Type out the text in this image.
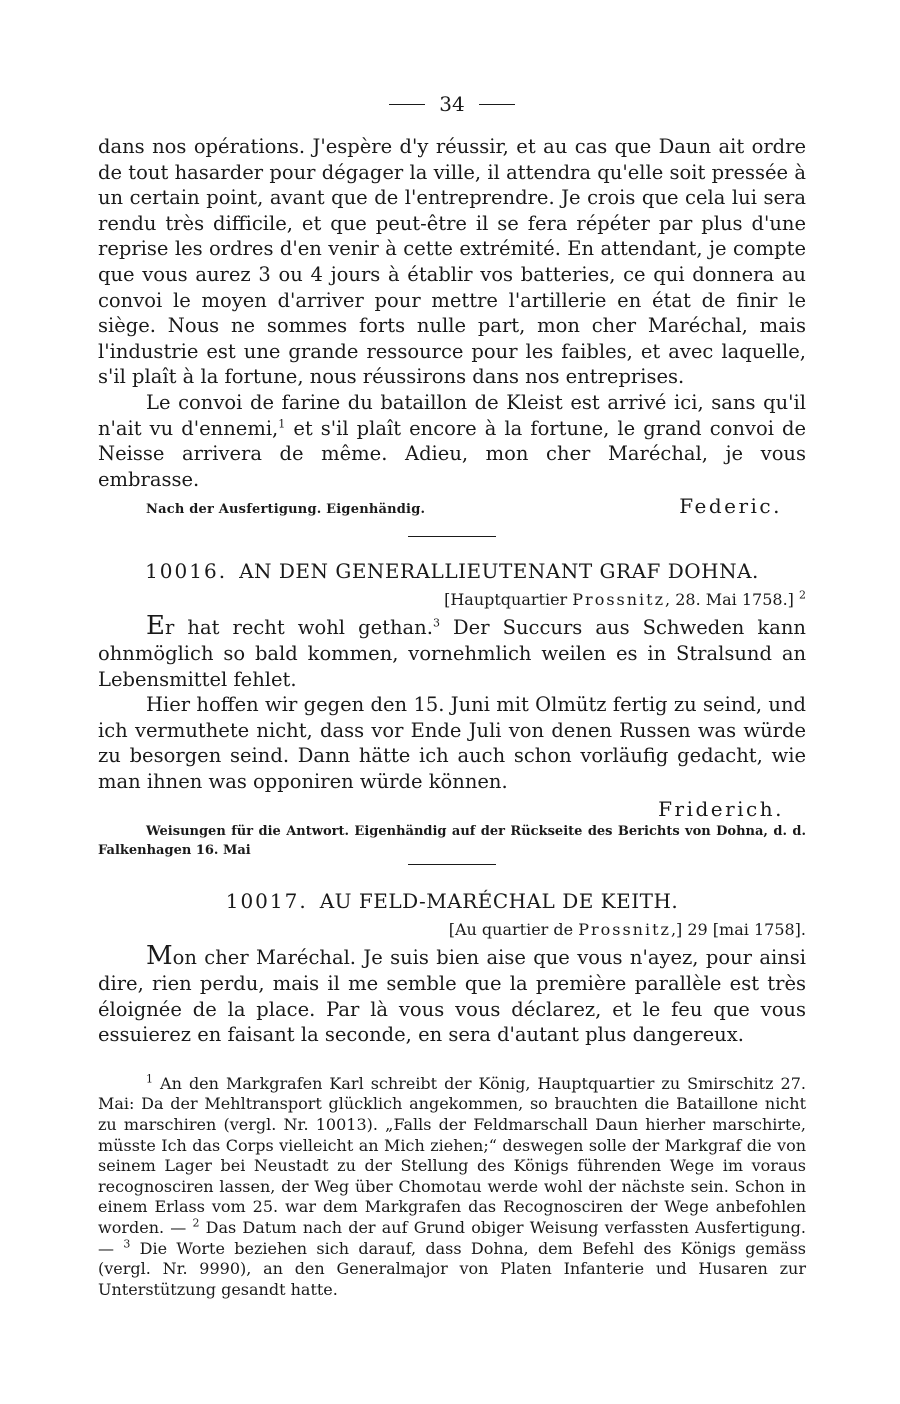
34

dans nos opérations. J'espère d'y réussir, et au cas que Daun ait ordre de tout hasarder pour dégager la ville, il attendra qu'elle soit pressée à un certain point, avant que de l'entreprendre. Je crois que cela lui sera rendu très difficile, et que peut-être il se fera répéter par plus d'une reprise les ordres d'en venir à cette extrémité. En attendant, je compte que vous aurez 3 ou 4 jours à établir vos batteries, ce qui donnera au convoi le moyen d'arriver pour mettre l'artillerie en état de finir le siège. Nous ne sommes forts nulle part, mon cher Maréchal, mais l'industrie est une grande ressource pour les faibles, et avec laquelle, s'il plaît à la fortune, nous réussirons dans nos entreprises.

Le convoi de farine du bataillon de Kleist est arrivé ici, sans qu'il n'ait vu d'ennemi,$^1$ et s'il plaît encore à la fortune, le grand convoi de Neisse arrivera de même. Adieu, mon cher Maréchal, je vous embrasse.

Nach der Ausfertigung. Eigenhändig.	Federic.

10016. AN DEN GENERALLIEUTENANT GRAF DOHNA.

[Hauptquartier Prossnitz, 28. Mai 1758.] $^2$

Er hat recht wohl gethan.$^3$ Der Succurs aus Schweden kann ohnmöglich so bald kommen, vornehmlich weilen es in Stralsund an Lebensmittel fehlet.

Hier hoffen wir gegen den 15. Juni mit Olmütz fertig zu seind, und ich vermuthete nicht, dass vor Ende Juli von denen Russen was würde zu besorgen seind. Dann hätte ich auch schon vorläufig gedacht, wie man ihnen was opponiren würde können.

Friderich.

Weisungen für die Antwort. Eigenhändig auf der Rückseite des Berichts von Dohna, d. d. Falkenhagen 16. Mai

10017. AU FELD-MARÉCHAL DE KEITH.

[Au quartier de Prossnitz,] 29 [mai 1758].

Mon cher Maréchal. Je suis bien aise que vous n'ayez, pour ainsi dire, rien perdu, mais il me semble que la première parallèle est très éloignée de la place. Par là vous vous déclarez, et le feu que vous essuierez en faisant la seconde, en sera d'autant plus dangereux.

$^1$ An den Markgrafen Karl schreibt der König, Hauptquartier zu Smirschitz 27. Mai: Da der Mehltransport glücklich angekommen, so brauchten die Bataillone nicht zu marschiren (vergl. Nr. 10013). „Falls der Feldmarschall Daun hierher marschirte, müsste Ich das Corps vielleicht an Mich ziehen;“ deswegen solle der Markgraf die von seinem Lager bei Neustadt zu der Stellung des Königs führenden Wege im voraus recognosciren lassen, der Weg über Chomotau werde wohl der nächste sein. Schon in einem Erlass vom 25. war dem Markgrafen das Recognosciren der Wege anbefohlen worden. — $^2$ Das Datum nach der auf Grund obiger Weisung verfassten Ausfertigung. — $^3$ Die Worte beziehen sich darauf, dass Dohna, dem Befehl des Königs gemäss (vergl. Nr. 9990), an den Generalmajor von Platen Infanterie und Husaren zur Unterstützung gesandt hatte.
